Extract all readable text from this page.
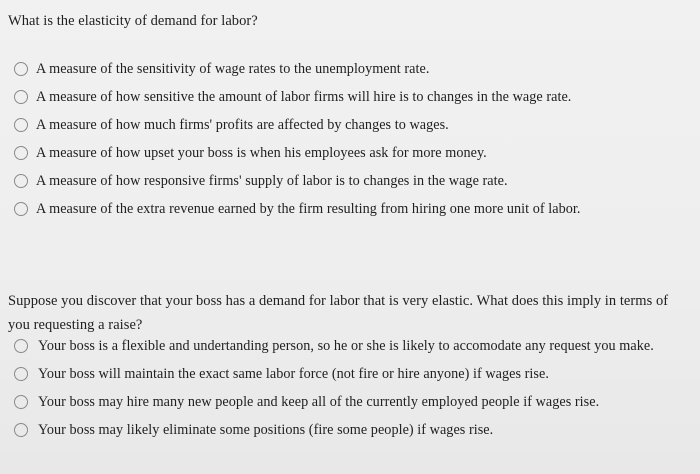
What is the elasticity of demand for labor?

A measure of the sensitivity of wage rates to the unemployment rate.
A measure of how sensitive the amount of labor firms will hire is to changes in the wage rate.
A measure of how much firms' profits are affected by changes to wages.
A measure of how upset your boss is when his employees ask for more money.
A measure of how responsive firms' supply of labor is to changes in the wage rate.
A measure of the extra revenue earned by the firm resulting from hiring one more unit of labor.

Suppose you discover that your boss has a demand for labor that is very elastic. What does this imply in terms of you requesting a raise?

Your boss is a flexible and undertanding person, so he or she is likely to accomodate any request you make.
Your boss will maintain the exact same labor force (not fire or hire anyone) if wages rise.
Your boss may hire many new people and keep all of the currently employed people if wages rise.
Your boss may likely eliminate some positions (fire some people) if wages rise.
